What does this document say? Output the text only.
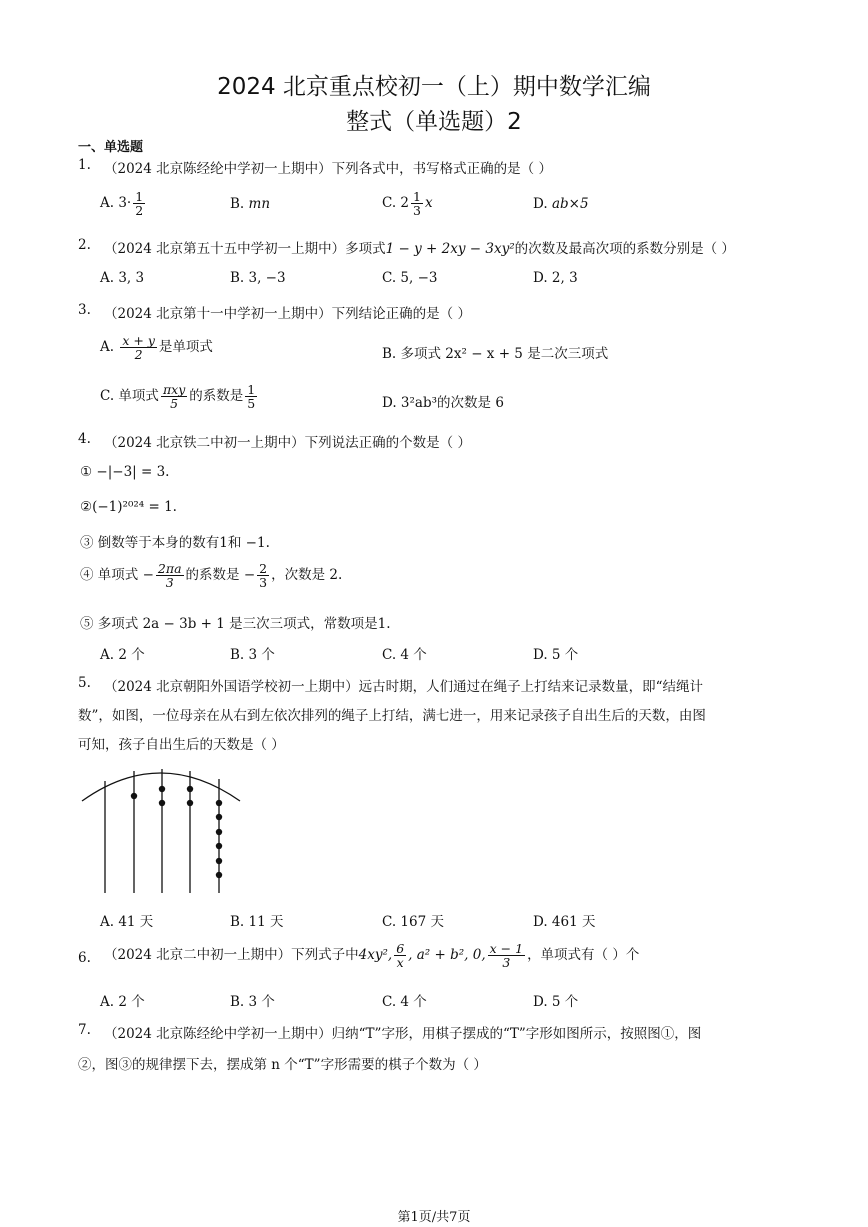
2024 北京重点校初一（上）期中数学汇编
整式（单选题）2
一、单选题
1. （2024 北京陈经纶中学初一上期中）下列各式中，书写格式正确的是（ ）
A. $3\cdot \frac{1}{2}$	B. mn	C. $2 \frac{1}{3}$ x	D. ab×5
2. （2024 北京第五十五中学初一上期中）多项式1 − y + 2xy − 3xy²的次数及最高次项的系数分别是（ ）
A. 3, 3	B. 3, −3	C. 5, −3	D. 2, 3
3. （2024 北京第十一中学初一上期中）下列结论正确的是（ ）
A. $\frac{x + y}{2}$ 是单项式	B. 多项式 2x² − x + 5 是二次三项式
C. 单项式 $\frac{\text{πxy}}{5}$ 的系数是 $\frac{1}{5}$	D. 3²ab³的次数是 6
4. （2024 北京铁二中初一上期中）下列说法正确的个数是（ ）
① −|−3| = 3.
②(−1)²⁰²⁴ = 1.
③ 倒数等于本身的数有1和 −1.
④ 单项式 − $\frac{2\pi a}{3}$ 的系数是 − $\frac{2}{3}$ ，次数是 2.
⑤ 多项式 2a − 3b + 1 是三次三项式，常数项是1.
A. 2 个	B. 3 个	C. 4 个	D. 5 个
5. （2024 北京朝阳外国语学校初一上期中）远古时期，人们通过在绳子上打结来记录数量，即“结绳计
数”，如图，一位母亲在从右到左依次排列的绳子上打结，满七进一，用来记录孩子自出生后的天数，由图
可知，孩子自出生后的天数是（ ）
A. 41 天	B. 11 天	C. 167 天	D. 461 天
6. （2024 北京二中初一上期中）下列式子中4xy², $\frac{6}{x}$ , a² + b², 0, $\frac{x - 1}{3}$ ，单项式有（ ）个
A. 2 个	B. 3 个	C. 4 个	D. 5 个
7. （2024 北京陈经纶中学初一上期中）归纳“T”字形，用棋子摆成的“T”字形如图所示，按照图①，图
②，图③的规律摆下去，摆成第 n 个“T”字形需要的棋子个数为（ ）
第1页/共7页
